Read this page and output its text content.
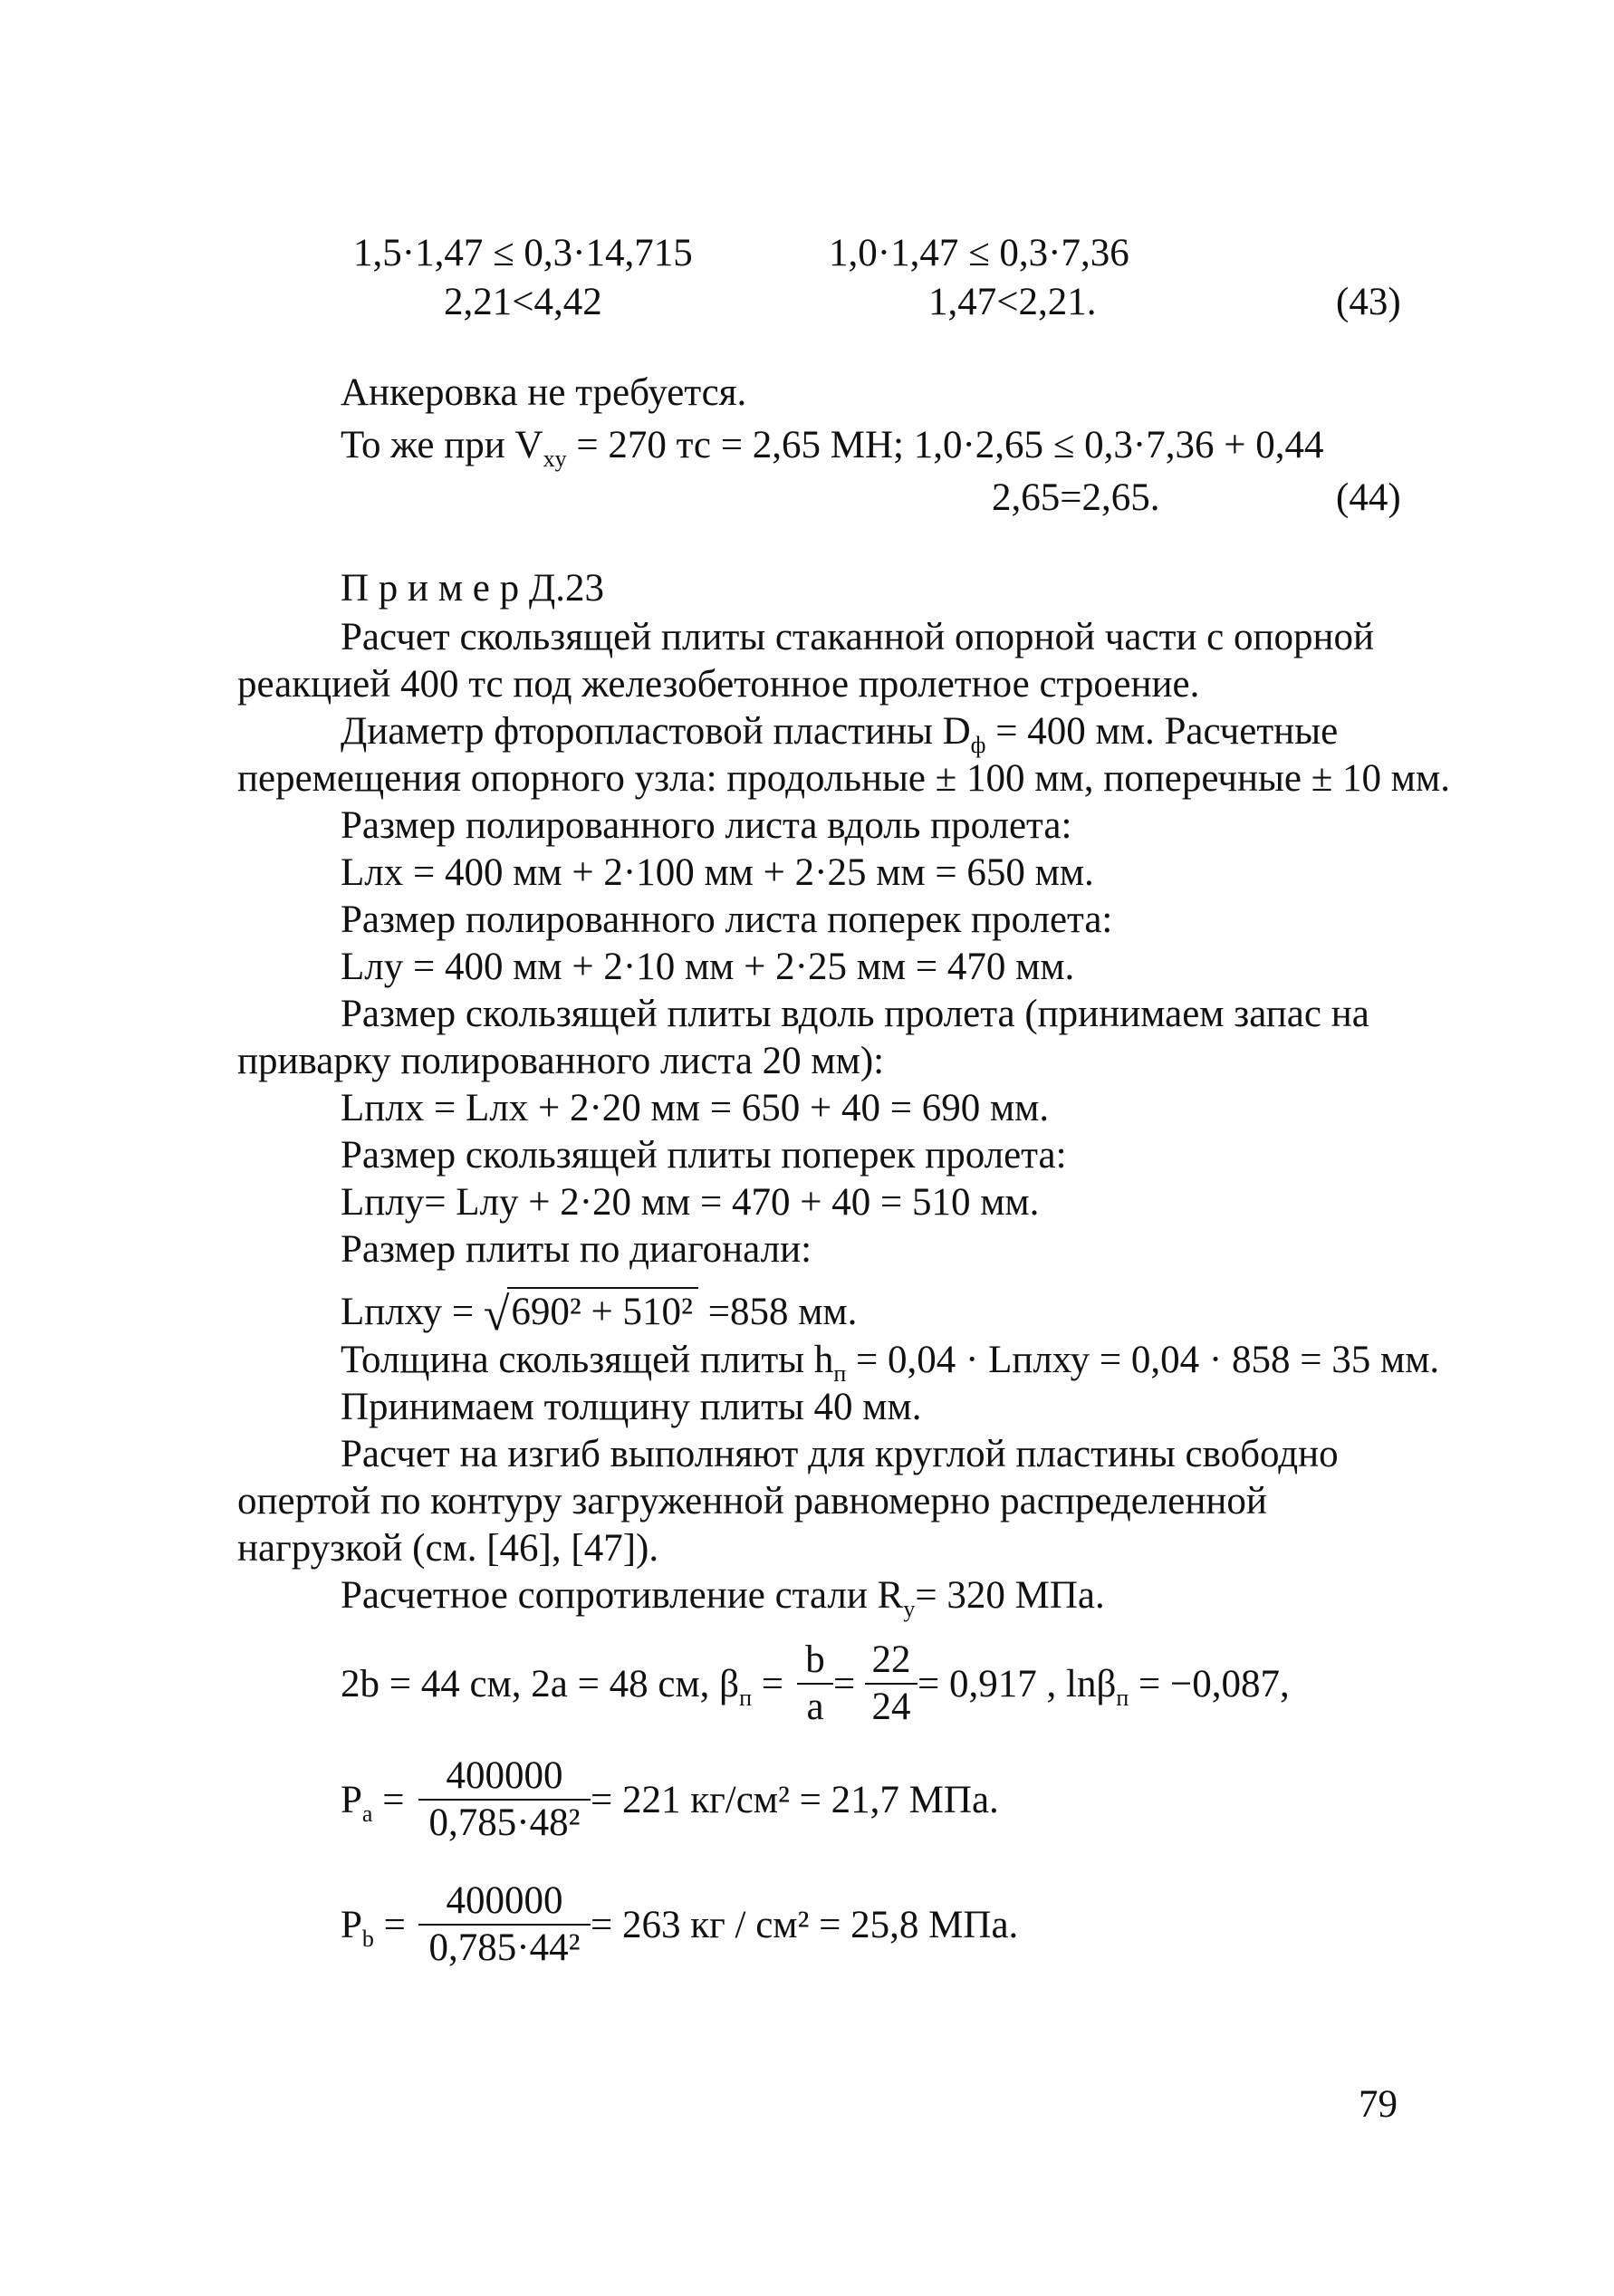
1,5·1,47 ≤ 0,3·14,715	1,0·1,47 ≤ 0,3·7,36
2,21<4,42	1,47<2,21.	(43)
Анкеровка не требуется.
То же при $V_{xy} = 270$ тс = 2,65 МН; 1,0·2,65 ≤ 0,3·7,36 + 0,44
2,65=2,65.	(44)
П р и м е р Д.23
Расчет скользящей плиты стаканной опорной части с опорной
реакцией 400 тс под железобетонное пролетное строение.
Диаметр фторопластовой пластины $D_ф = 400$ мм. Расчетные
перемещения опорного узла: продольные ± 100 мм, поперечные ± 10 мм.
Размер полированного листа вдоль пролета:
Lлх = 400 мм + 2·100 мм + 2·25 мм = 650 мм.
Размер полированного листа поперек пролета:
Lлу = 400 мм + 2·10 мм + 2·25 мм = 470 мм.
Размер скользящей плиты вдоль пролета (принимаем запас на
приварку полированного листа 20 мм):
Lплх = Lлх + 2·20 мм = 650 + 40 = 690 мм.
Размер скользящей плиты поперек пролета:
Lплу= Lлу + 2·20 мм = 470 + 40 = 510 мм.
Размер плиты по диагонали:
Lплху = √690² + 510² =858 мм.
Толщина скользящей плиты $h_п = 0,04$ · Lплху = 0,04 · 858 = 35 мм.
Принимаем толщину плиты 40 мм.
Расчет на изгиб выполняют для круглой пластины свободно
опертой по контуру загруженной равномерно распределенной
нагрузкой (см. [46], [47]).
Расчетное сопротивление стали $R_y= 320$ МПа.
2b = 44 см, 2a = 48 см, $\beta_п = \frac{b}{a} = \frac{22}{24} = 0,917$ , lnβ$_п$ = −0,087,
$P_a = \frac{400000}{\text{0,785·48²}} = 221$ кг/см² = 21,7 МПа.
$P_b = \frac{400000}{\text{0,785·44²}} = 263$ кг / см² = 25,8 МПа.
79
